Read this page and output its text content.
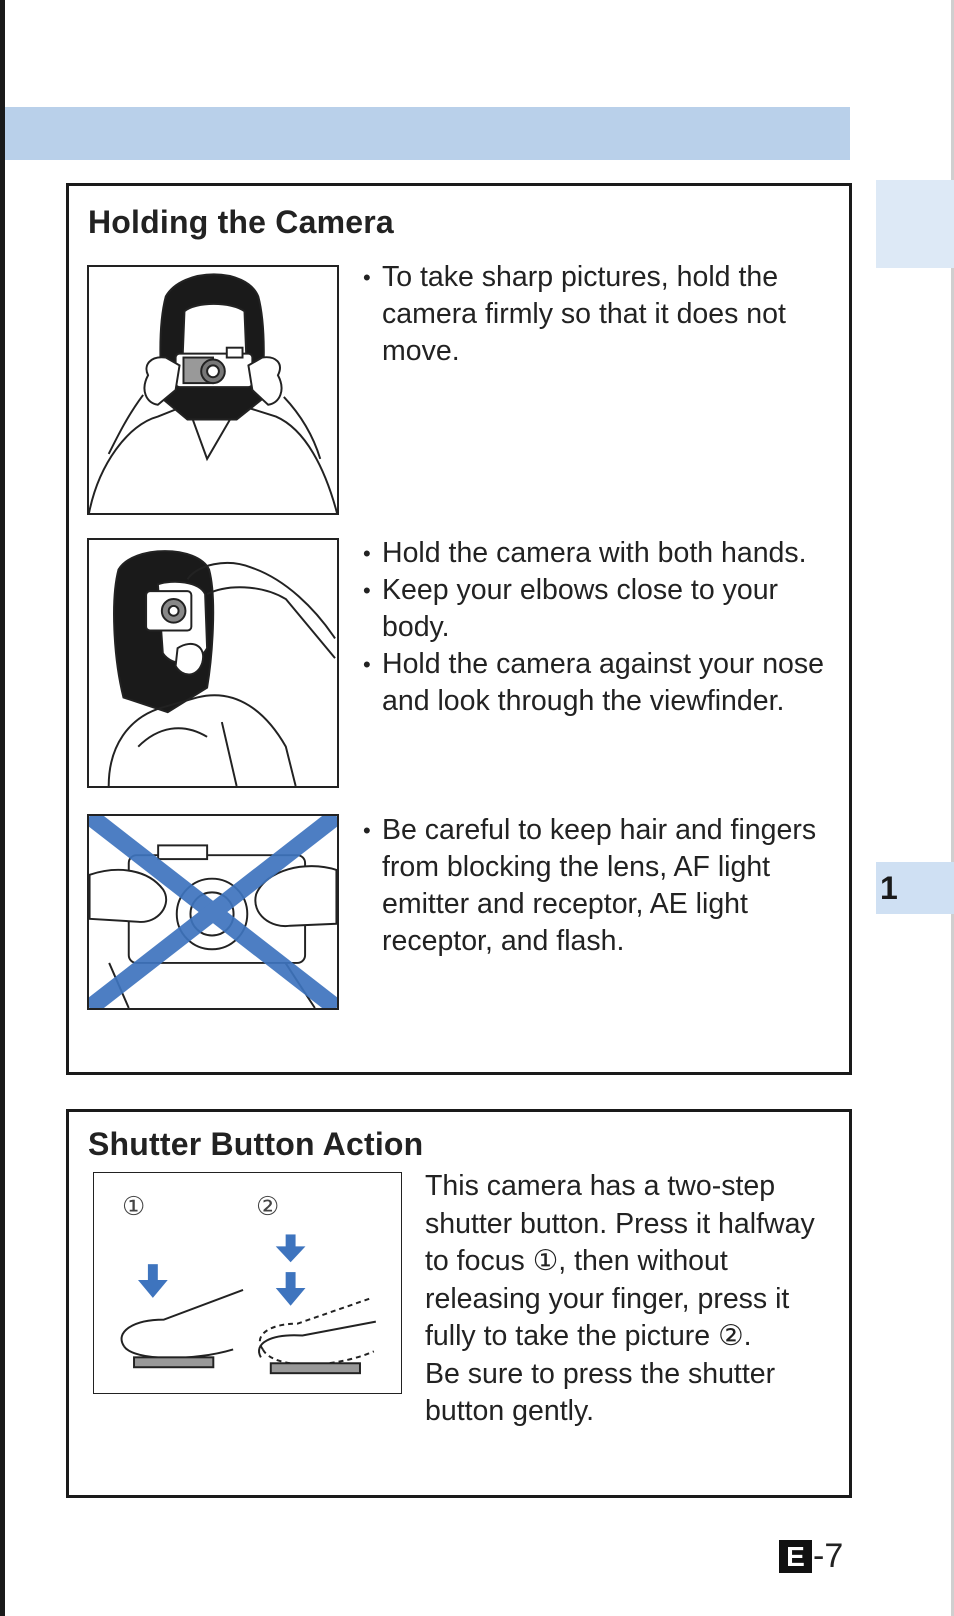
1
Holding the Camera
• To take sharp pictures, hold the camera firmly so that it does not move.
• Hold the camera with both hands.
• Keep your elbows close to your body.
• Hold the camera against your nose and look through the viewfinder.
• Be careful to keep hair and fingers from blocking the lens, AF light emitter and receptor, AE light receptor, and flash.
Shutter Button Action
①	②
This camera has a two-step shutter button. Press it halfway to focus ①, then without releasing your finger, press it fully to take the picture ②.
Be sure to press the shutter button gently.
E -7
